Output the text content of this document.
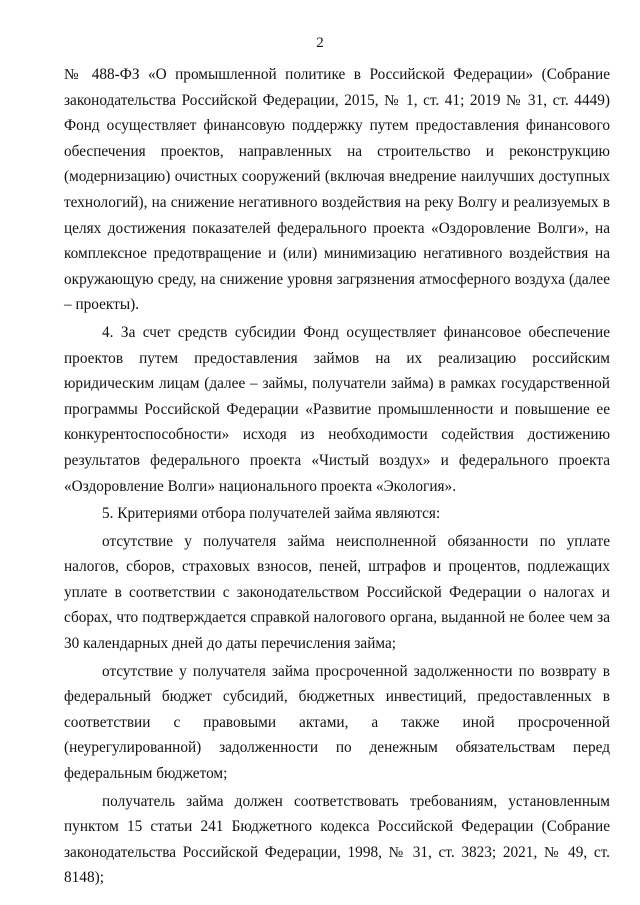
2

№ 488-ФЗ «О промышленной политике в Российской Федерации» (Собрание законодательства Российской Федерации, 2015, № 1, ст. 41; 2019 № 31, ст. 4449) Фонд осуществляет финансовую поддержку путем предоставления финансового обеспечения проектов, направленных на строительство и реконструкцию (модернизацию) очистных сооружений (включая внедрение наилучших доступных технологий), на снижение негативного воздействия на реку Волгу и реализуемых в целях достижения показателей федерального проекта «Оздоровление Волги», на комплексное предотвращение и (или) минимизацию негативного воздействия на окружающую среду, на снижение уровня загрязнения атмосферного воздуха (далее – проекты).

4. За счет средств субсидии Фонд осуществляет финансовое обеспечение проектов путем предоставления займов на их реализацию российским юридическим лицам (далее – займы, получатели займа) в рамках государственной программы Российской Федерации «Развитие промышленности и повышение ее конкурентоспособности» исходя из необходимости содействия достижению результатов федерального проекта «Чистый воздух» и федерального проекта «Оздоровление Волги» национального проекта «Экология».

5. Критериями отбора получателей займа являются:

отсутствие у получателя займа неисполненной обязанности по уплате налогов, сборов, страховых взносов, пеней, штрафов и процентов, подлежащих уплате в соответствии с законодательством Российской Федерации о налогах и сборах, что подтверждается справкой налогового органа, выданной не более чем за 30 календарных дней до даты перечисления займа;

отсутствие у получателя займа просроченной задолженности по возврату в федеральный бюджет субсидий, бюджетных инвестиций, предоставленных в соответствии с правовыми актами, а также иной просроченной (неурегулированной) задолженности по денежным обязательствам перед федеральным бюджетом;

получатель займа должен соответствовать требованиям, установленным пунктом 15 статьи 241 Бюджетного кодекса Российской Федерации (Собрание законодательства Российской Федерации, 1998, № 31, ст. 3823; 2021, № 49, ст. 8148);
